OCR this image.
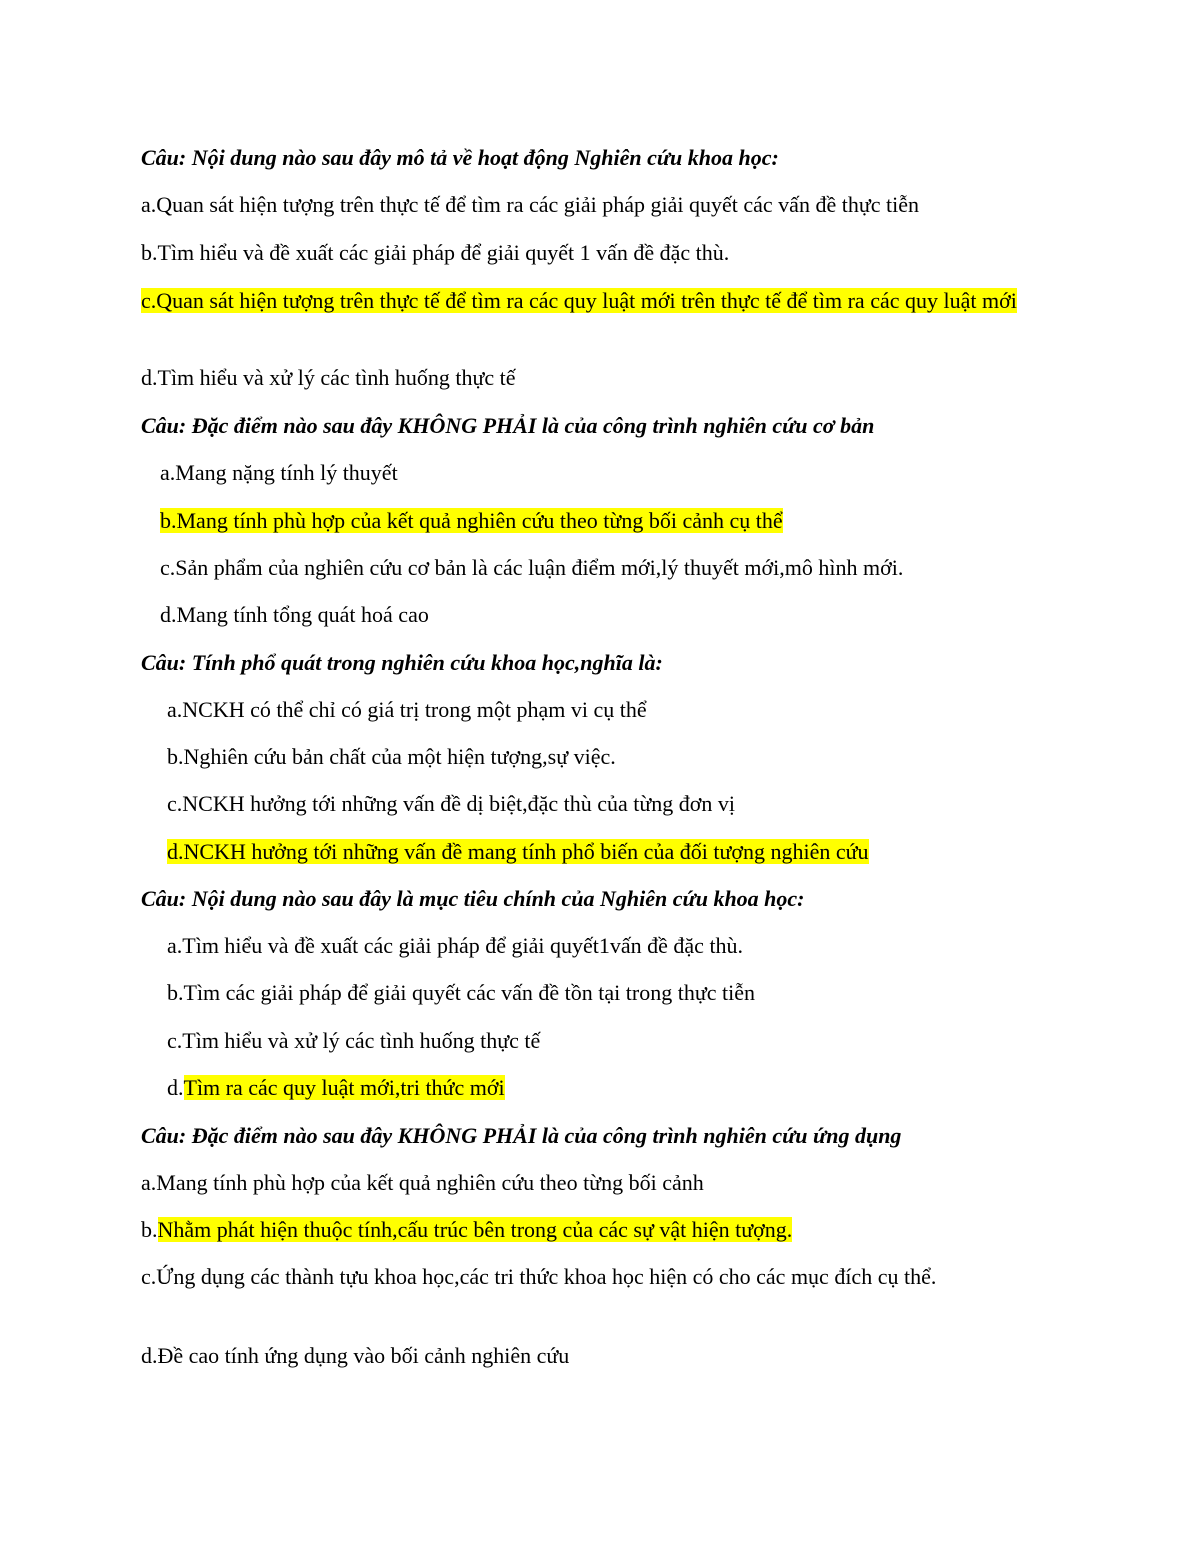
Câu: Nội dung nào sau đây mô tả về hoạt động Nghiên cứu khoa học:

a.Quan sát hiện tượng trên thực tế để tìm ra các giải pháp giải quyết các vấn đề thực tiễn

b.Tìm hiểu và đề xuất các giải pháp để giải quyết 1 vấn đề đặc thù.

c.Quan sát hiện tượng trên thực tế để tìm ra các quy luật mới trên thực tế để tìm ra các quy luật mới

d.Tìm hiểu và xử lý các tình huống thực tế

Câu: Đặc điểm nào sau đây KHÔNG PHẢI là của công trình nghiên cứu cơ bản

a.Mang nặng tính lý thuyết

b.Mang tính phù hợp của kết quả nghiên cứu theo từng bối cảnh cụ thể

c.Sản phẩm của nghiên cứu cơ bản là các luận điểm mới,lý thuyết mới,mô hình mới.

d.Mang tính tổng quát hoá cao

Câu: Tính phổ quát trong nghiên cứu khoa học,nghĩa là:

a.NCKH có thể chỉ có giá trị trong một phạm vi cụ thể

b.Nghiên cứu bản chất của một hiện tượng,sự việc.

c.NCKH hưởng tới những vấn đề dị biệt,đặc thù của từng đơn vị

d.NCKH hưởng tới những vấn đề mang tính phổ biến của đối tượng nghiên cứu

Câu: Nội dung nào sau đây là mục tiêu chính của Nghiên cứu khoa học:

a.Tìm hiểu và đề xuất các giải pháp để giải quyết1vấn đề đặc thù.

b.Tìm các giải pháp để giải quyết các vấn đề tồn tại trong thực tiễn

c.Tìm hiểu và xử lý các tình huống thực tế

d.Tìm ra các quy luật mới,tri thức mới

Câu: Đặc điểm nào sau đây KHÔNG PHẢI là của công trình nghiên cứu ứng dụng

a.Mang tính phù hợp của kết quả nghiên cứu theo từng bối cảnh

b.Nhằm phát hiện thuộc tính,cấu trúc bên trong của các sự vật hiện tượng.

c.Ứng dụng các thành tựu khoa học,các tri thức khoa học hiện có cho các mục đích cụ thể.

d.Đề cao tính ứng dụng vào bối cảnh nghiên cứu
